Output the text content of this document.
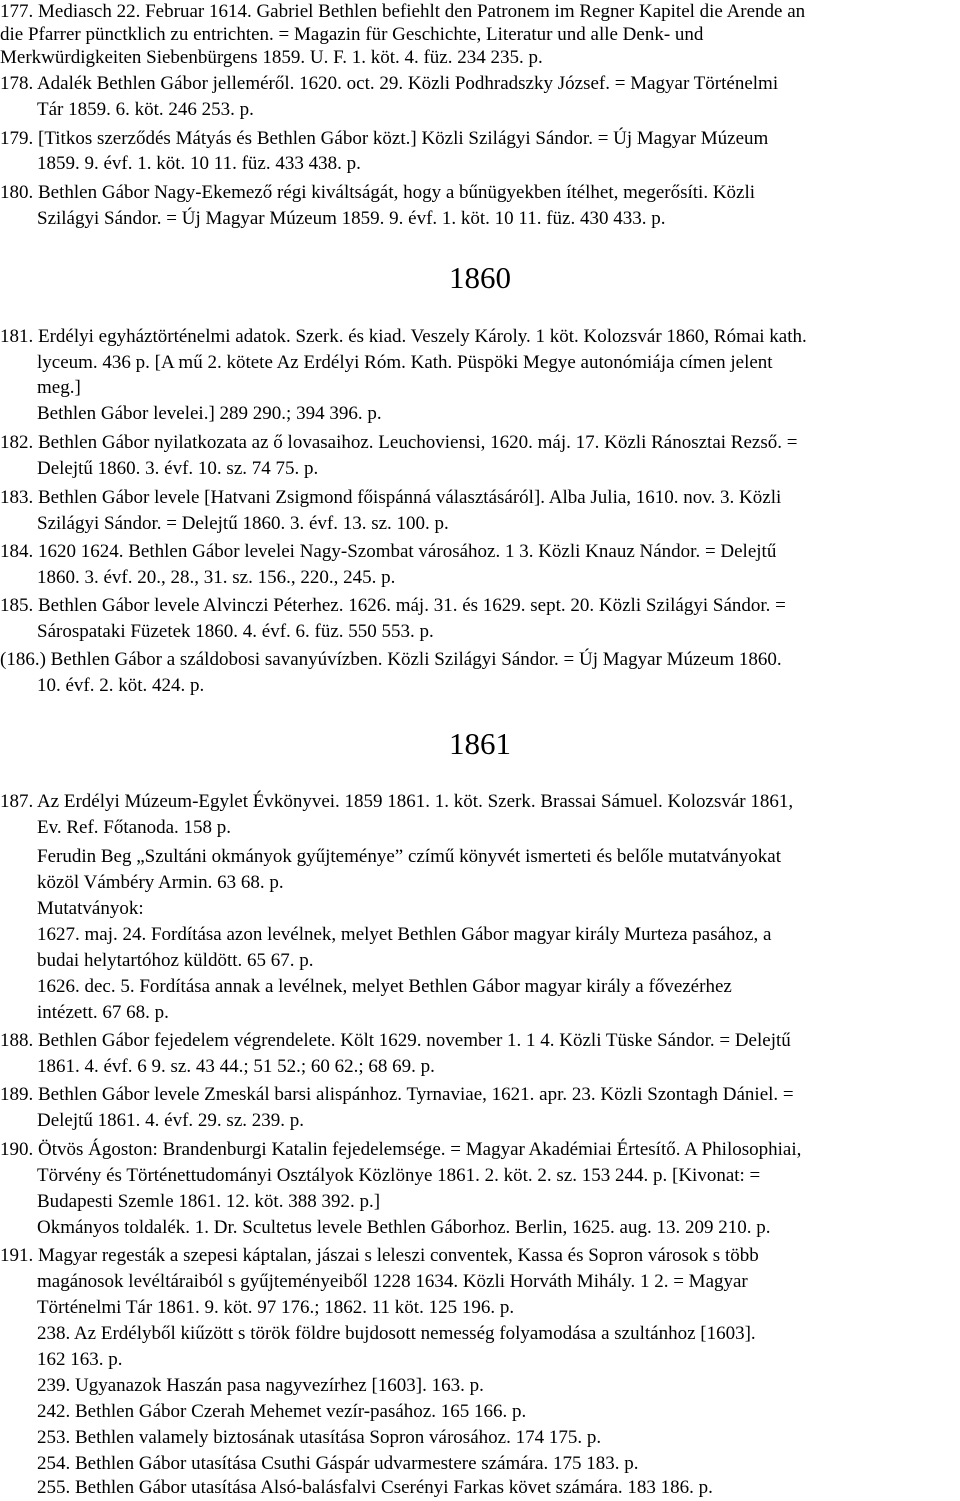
177. Mediasch 22. Februar 1614. Gabriel Bethlen befiehlt den Patronem im Regner Kapitel die Arende an
die Pfarrer pünctklich zu entrichten. = Magazin für Geschichte, Literatur und alle Denk- und
Merkwürdigkeiten Siebenbürgens 1859. U. F. 1. köt. 4. füz. 234 235. p.
178. Adalék Bethlen Gábor jelleméről. 1620. oct. 29. Közli Podhradszky József. = Magyar Történelmi
Tár 1859. 6. köt. 246 253. p.
179. [Titkos szerződés Mátyás és Bethlen Gábor közt.] Közli Szilágyi Sándor. = Új Magyar Múzeum
1859. 9. évf. 1. köt. 10 11. füz. 433 438. p.
180. Bethlen Gábor Nagy-Ekemező régi kiváltságát, hogy a bűnügyekben ítélhet, megerősíti. Közli
Szilágyi Sándor. = Új Magyar Múzeum 1859. 9. évf. 1. köt. 10 11. füz. 430 433. p.
1860
181. Erdélyi egyháztörténelmi adatok. Szerk. és kiad. Veszely Károly. 1 köt. Kolozsvár 1860, Római kath.
lyceum. 436 p. [A mű 2. kötete Az Erdélyi Róm. Kath. Püspöki Megye autonómiája címen jelent
meg.]
Bethlen Gábor levelei.] 289 290.; 394 396. p.
182. Bethlen Gábor nyilatkozata az ő lovasaihoz. Leuchoviensi, 1620. máj. 17. Közli Ránosztai Rezső. =
Delejtű 1860. 3. évf. 10. sz. 74 75. p.
183. Bethlen Gábor levele [Hatvani Zsigmond főispánná választásáról]. Alba Julia, 1610. nov. 3. Közli
Szilágyi Sándor. = Delejtű 1860. 3. évf. 13. sz. 100. p.
184. 1620 1624. Bethlen Gábor levelei Nagy-Szombat városához. 1 3. Közli Knauz Nándor. = Delejtű
1860. 3. évf. 20., 28., 31. sz. 156., 220., 245. p.
185. Bethlen Gábor levele Alvinczi Péterhez. 1626. máj. 31. és 1629. sept. 20. Közli Szilágyi Sándor. =
Sárospataki Füzetek 1860. 4. évf. 6. füz. 550 553. p.
(186.) Bethlen Gábor a száldobosi savanyúvízben. Közli Szilágyi Sándor. = Új Magyar Múzeum 1860.
10. évf. 2. köt. 424. p.
1861
187. Az Erdélyi Múzeum-Egylet Évkönyvei. 1859 1861. 1. köt. Szerk. Brassai Sámuel. Kolozsvár 1861,
Ev. Ref. Főtanoda. 158 p.
Ferudin Beg „Szultáni okmányok gyűjteménye” czímű könyvét ismerteti és belőle mutatványokat
közöl Vámbéry Armin. 63 68. p.
Mutatványok:
1627. maj. 24. Fordítása azon levélnek, melyet Bethlen Gábor magyar király Murteza pasához, a
budai helytartóhoz küldött. 65 67. p.
1626. dec. 5. Fordítása annak a levélnek, melyet Bethlen Gábor magyar király a fővezérhez
intézett. 67 68. p.
188. Bethlen Gábor fejedelem végrendelete. Költ 1629. november 1. 1 4. Közli Tüske Sándor. = Delejtű
1861. 4. évf. 6 9. sz. 43 44.; 51 52.; 60 62.; 68 69. p.
189. Bethlen Gábor levele Zmeskál barsi alispánhoz. Tyrnaviae, 1621. apr. 23. Közli Szontagh Dániel. =
Delejtű 1861. 4. évf. 29. sz. 239. p.
190. Ötvös Ágoston: Brandenburgi Katalin fejedelemsége. = Magyar Akadémiai Értesítő. A Philosophiai,
Törvény és Történettudományi Osztályok Közlönye 1861. 2. köt. 2. sz. 153 244. p. [Kivonat: =
Budapesti Szemle 1861. 12. köt. 388 392. p.]
Okmányos toldalék. 1. Dr. Scultetus levele Bethlen Gáborhoz. Berlin, 1625. aug. 13. 209 210. p.
191. Magyar regesták a szepesi káptalan, jászai s leleszi conventek, Kassa és Sopron városok s több
magánosok levéltáraiból s gyűjteményeiből 1228 1634. Közli Horváth Mihály. 1 2. = Magyar
Történelmi Tár 1861. 9. köt. 97 176.; 1862. 11 köt. 125 196. p.
238. Az Erdélyből kiűzött s török földre bujdosott nemesség folyamodása a szultánhoz [1603].
162 163. p.
239. Ugyanazok Haszán pasa nagyvezírhez [1603]. 163. p.
242. Bethlen Gábor Czerah Mehemet vezír-pasához. 165 166. p.
253. Bethlen valamely biztosának utasítása Sopron városához. 174 175. p.
254. Bethlen Gábor utasítása Csuthi Gáspár udvarmestere számára. 175 183. p.
255. Bethlen Gábor utasítása Alsó-balásfalvi Cserényi Farkas követ számára. 183 186. p.
